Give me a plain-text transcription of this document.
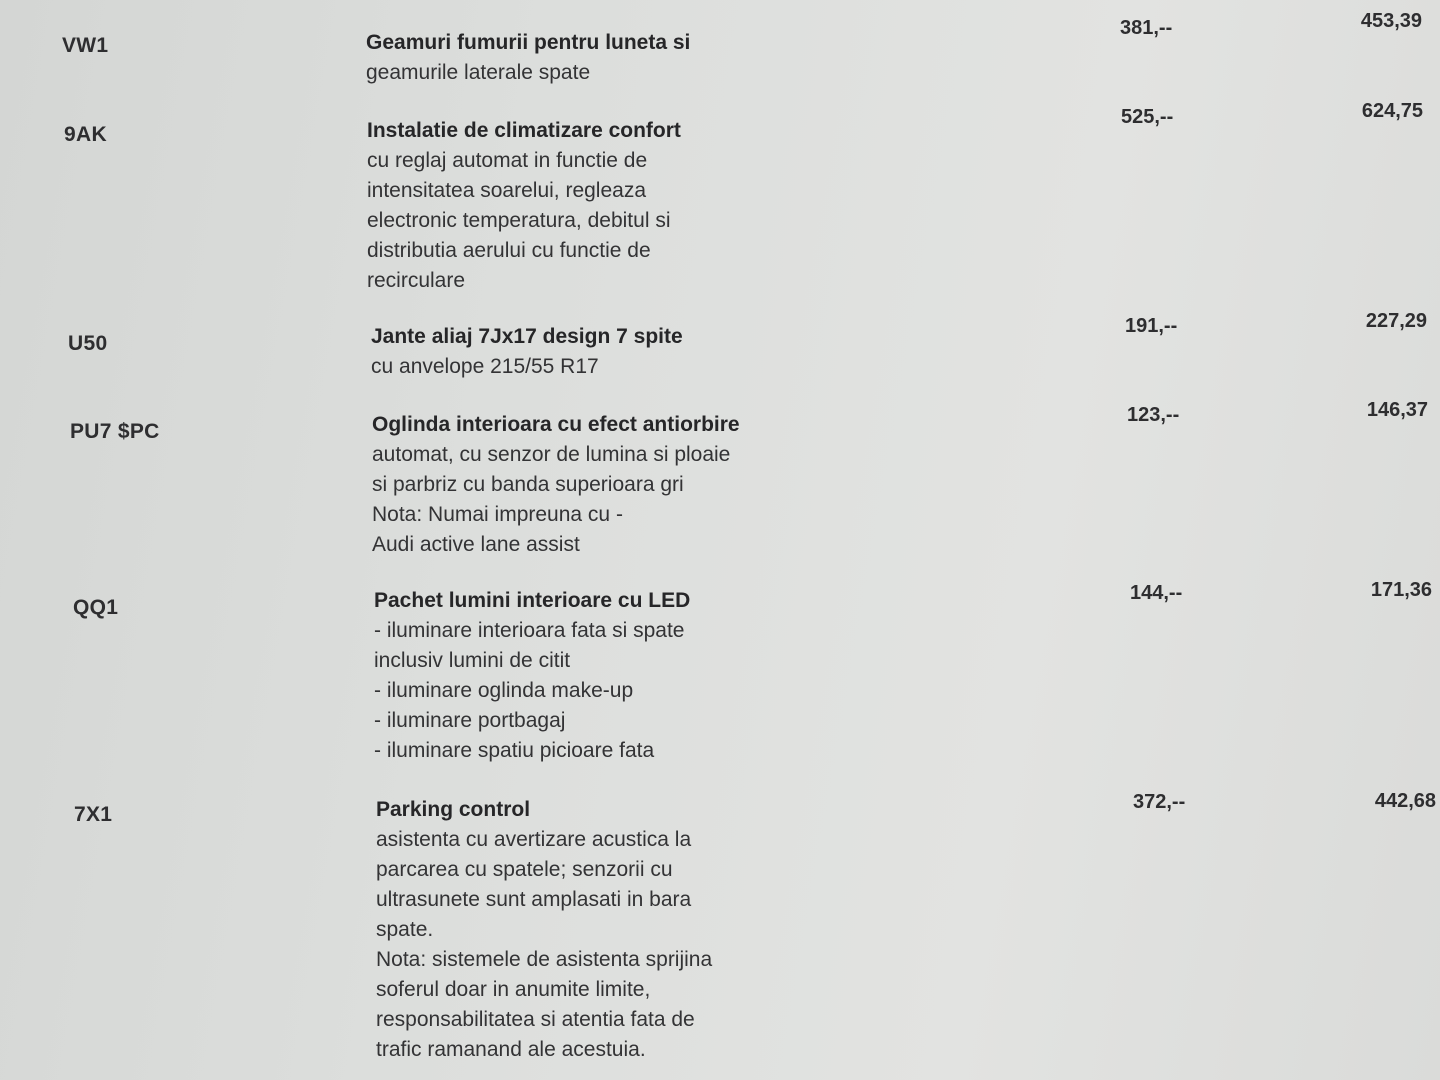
VW1	Geamuri fumurii pentru luneta si
geamurile laterale spate
381,--	453,39
9AK	Instalatie de climatizare confort
cu reglaj automat in functie de
intensitatea soarelui, regleaza
electronic temperatura, debitul si
distributia aerului cu functie de
recirculare
525,--	624,75
U50	Jante aliaj 7Jx17 design 7 spite
cu anvelope 215/55 R17
191,--	227,29
PU7 $PC	Oglinda interioara cu efect antiorbire
automat, cu senzor de lumina si ploaie
si parbriz cu banda superioara gri
Nota: Numai impreuna cu -
Audi active lane assist
123,--	146,37
QQ1	Pachet lumini interioare cu LED
- iluminare interioara fata si spate
inclusiv lumini de citit
- iluminare oglinda make-up
- iluminare portbagaj
- iluminare spatiu picioare fata
144,--	171,36
7X1	Parking control
asistenta cu avertizare acustica la
parcarea cu spatele; senzorii cu
ultrasunete sunt amplasati in bara
spate.
Nota: sistemele de asistenta sprijina
soferul doar in anumite limite,
responsabilitatea si atentia fata de
trafic ramanand ale acestuia.
372,--	442,68
